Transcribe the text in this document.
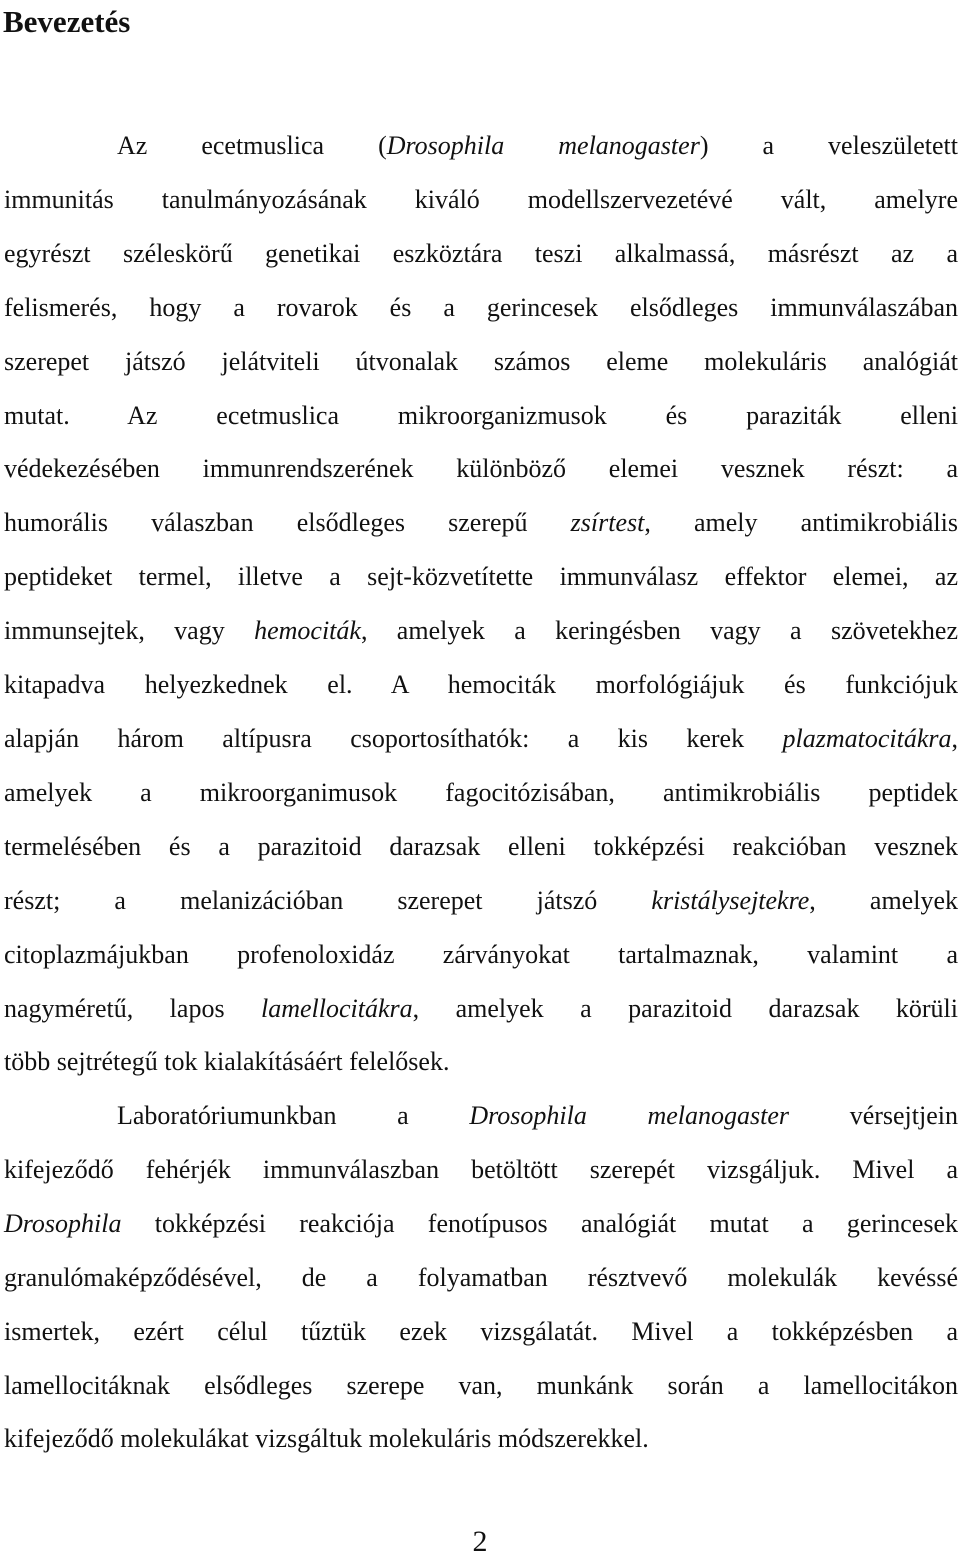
Bevezetés
Az ecetmuslica (Drosophila melanogaster) a veleszületett
immunitás tanulmányozásának kiváló modellszervezetévé vált, amelyre
egyrészt széleskörű genetikai eszköztára teszi alkalmassá, másrészt az a
felismerés, hogy a rovarok és a gerincesek elsődleges immunválaszában
szerepet játszó jelátviteli útvonalak számos eleme molekuláris analógiát
mutat. Az ecetmuslica mikroorganizmusok és paraziták elleni
védekezésében immunrendszerének különböző elemei vesznek részt: a
humorális válaszban elsődleges szerepű zsírtest, amely antimikrobiális
peptideket termel, illetve a sejt-közvetítette immunválasz effektor elemei, az
immunsejtek, vagy hemociták, amelyek a keringésben vagy a szövetekhez
kitapadva helyezkednek el. A hemociták morfológiájuk és funkciójuk
alapján három altípusra csoportosíthatók: a kis kerek plazmatocitákra,
amelyek a mikroorganimusok fagocitózisában, antimikrobiális peptidek
termelésében és a parazitoid darazsak elleni tokképzési reakcióban vesznek
részt; a melanizációban szerepet játszó kristálysejtekre, amelyek
citoplazmájukban profenoloxidáz zárványokat tartalmaznak, valamint a
nagyméretű, lapos lamellocitákra, amelyek a parazitoid darazsak körüli
több sejtrétegű tok kialakításáért felelősek.
Laboratóriumunkban a Drosophila melanogaster vérsejtjein
kifejeződő fehérjék immunválaszban betöltött szerepét vizsgáljuk. Mivel a
Drosophila tokképzési reakciója fenotípusos analógiát mutat a gerincesek
granulómaképződésével, de a folyamatban résztvevő molekulák kevéssé
ismertek, ezért célul tűztük ezek vizsgálatát. Mivel a tokképzésben a
lamellocitáknak elsődleges szerepe van, munkánk során a lamellocitákon
kifejeződő molekulákat vizsgáltuk molekuláris módszerekkel.
2
